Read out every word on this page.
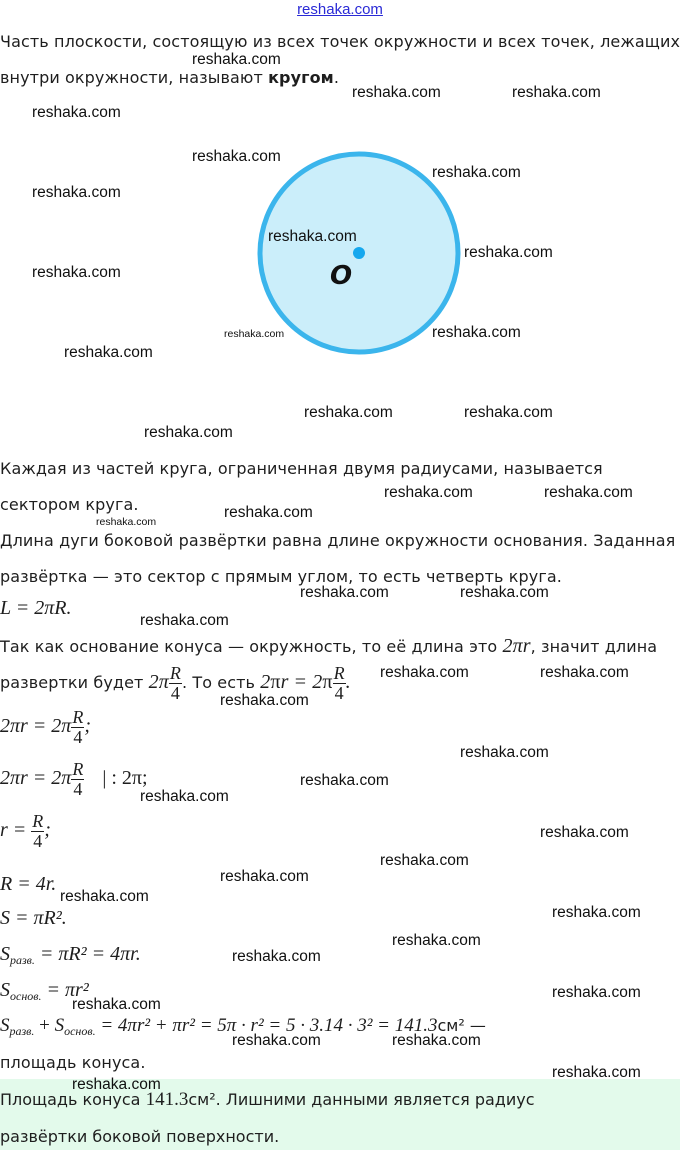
reshaka.com
Часть плоскости, состоящую из всех точек окружности и всех точек, лежащих
внутри окружности, называют кругом.
O
Каждая из частей круга, ограниченная двумя радиусами, называется
сектором круга.
Длина дуги боковой развёртки равна длине окружности основания. Заданная
развёртка — это сектор с прямым углом, то есть четверть круга.
L = 2πR.
Так как основание конуса — окружность, то её длина это 2πr, значит длина
развертки будет $2\pi \frac{R}{4}$ . То есть $2\pi r = 2\pi \frac{R}{4}$ .
$2\pi r = 2\pi \frac{R}{4}$ ;
$2\pi r = 2\pi \frac{R}{4}$ | : 2π;
$r = \frac{R}{4}$ ;
R = 4r.
S = πR².
$S_{разв.} = \pi R^2 = 4\pi r$.
$S_{основ.} = \pi r^2$
$S_{разв.} + S_{основ.} = 4\pi r^2 + \pi r^2 = 5\pi \cdot r^2 = 5 \cdot 3.14 \cdot 3^2 = 141.3см^2$ —
площадь конуса.
Площадь конуса 141.3см². Лишними данными является радиус
развёртки боковой поверхности.
reshaka.com
reshaka.com	reshaka.com
reshaka.com
reshaka.com
reshaka.com
reshaka.com
reshaka.com
reshaka.com
reshaka.com
reshaka.com	reshaka.com
reshaka.com
reshaka.com	reshaka.com
reshaka.com
reshaka.com	reshaka.com
reshaka.com
reshaka.com
reshaka.com	reshaka.com
reshaka.com
reshaka.com	reshaka.com
reshaka.com
reshaka.com
reshaka.com
reshaka.com
reshaka.com
reshaka.com
reshaka.com
reshaka.com
reshaka.com
reshaka.com
reshaka.com
reshaka.com
reshaka.com
reshaka.com	reshaka.com
reshaka.com
reshaka.com
